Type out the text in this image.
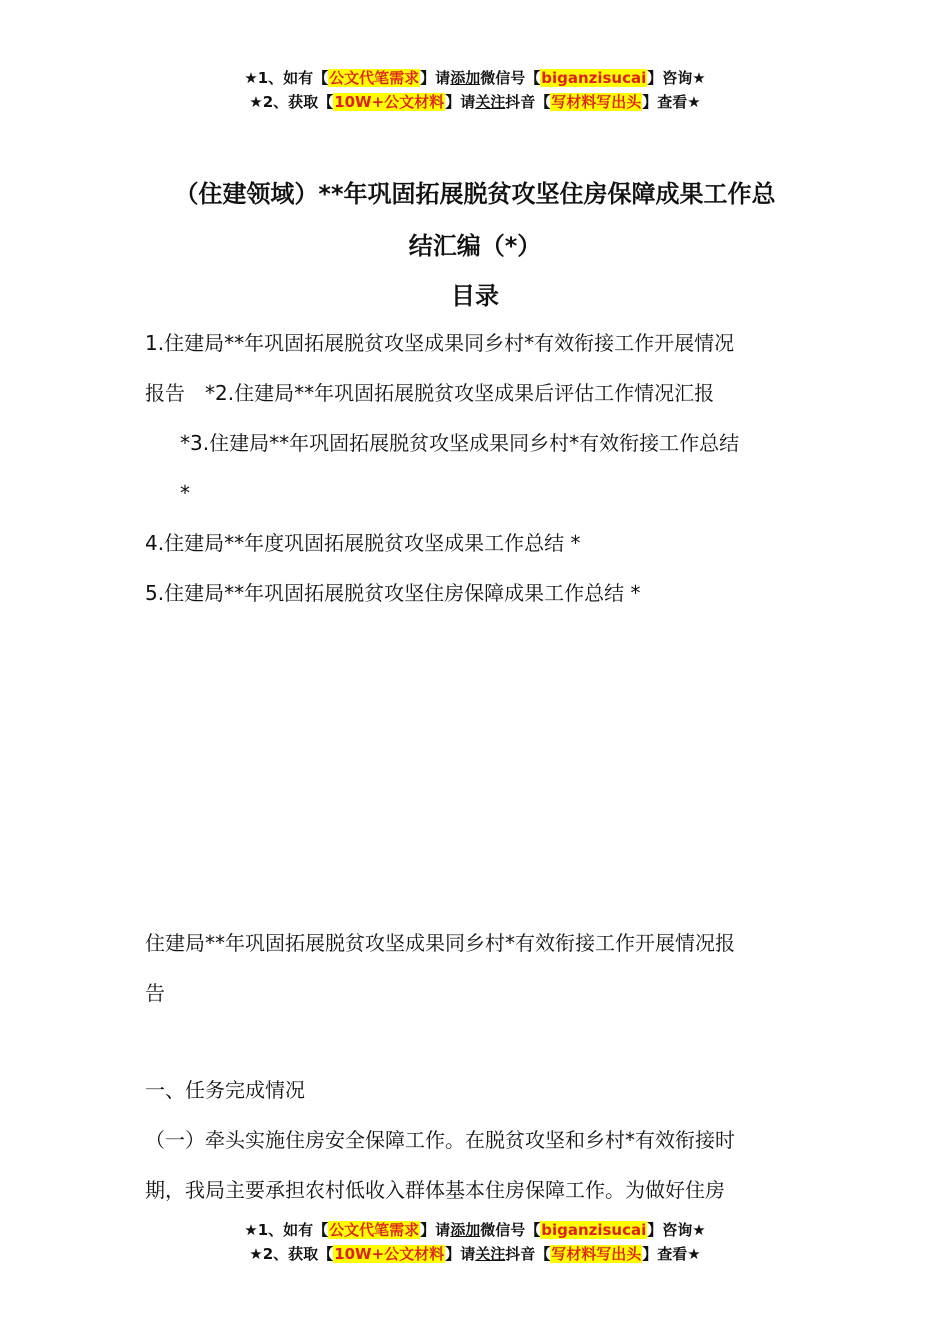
★1、如有【公文代笔需求】请添加微信号【biganzisucai】咨询★
★2、获取【10W+公文材料】请关注抖音【写材料写出头】查看★
（住建领域）**年巩固拓展脱贫攻坚住房保障成果工作总
结汇编（*）
目录
1.住建局**年巩固拓展脱贫攻坚成果同乡村*有效衔接工作开展情况
报告　*2.住建局**年巩固拓展脱贫攻坚成果后评估工作情况汇报
*3.住建局**年巩固拓展脱贫攻坚成果同乡村*有效衔接工作总结
*
4.住建局**年度巩固拓展脱贫攻坚成果工作总结 *
5.住建局**年巩固拓展脱贫攻坚住房保障成果工作总结 *
住建局**年巩固拓展脱贫攻坚成果同乡村*有效衔接工作开展情况报
告
一、任务完成情况
（一）牵头实施住房安全保障工作。在脱贫攻坚和乡村*有效衔接时
期，我局主要承担农村低收入群体基本住房保障工作。为做好住房
★1、如有【公文代笔需求】请添加微信号【biganzisucai】咨询★
★2、获取【10W+公文材料】请关注抖音【写材料写出头】查看★
